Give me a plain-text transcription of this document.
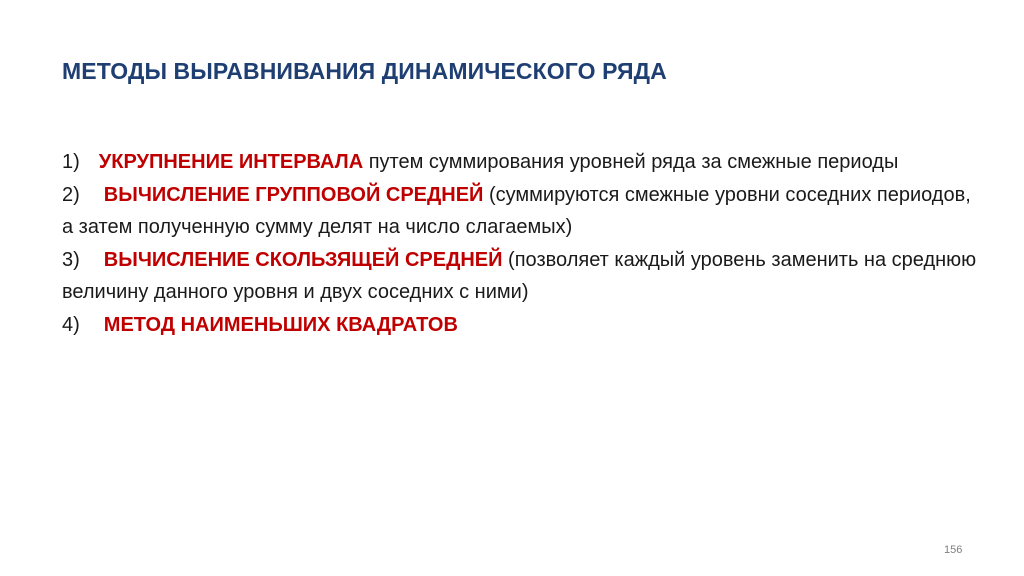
МЕТОДЫ ВЫРАВНИВАНИЯ ДИНАМИЧЕСКОГО РЯДА

1) УКРУПНЕНИЕ ИНТЕРВАЛА путем суммирования уровней ряда за смежные периоды

2) ВЫЧИСЛЕНИЕ ГРУППОВОЙ СРЕДНЕЙ (суммируются смежные уровни соседних периодов, а затем полученную сумму делят на число слагаемых)

3) ВЫЧИСЛЕНИЕ СКОЛЬЗЯЩЕЙ СРЕДНЕЙ (позволяет каждый уровень заменить на среднюю величину данного уровня и двух соседних с ними)

4) МЕТОД НАИМЕНЬШИХ КВАДРАТОВ

156
